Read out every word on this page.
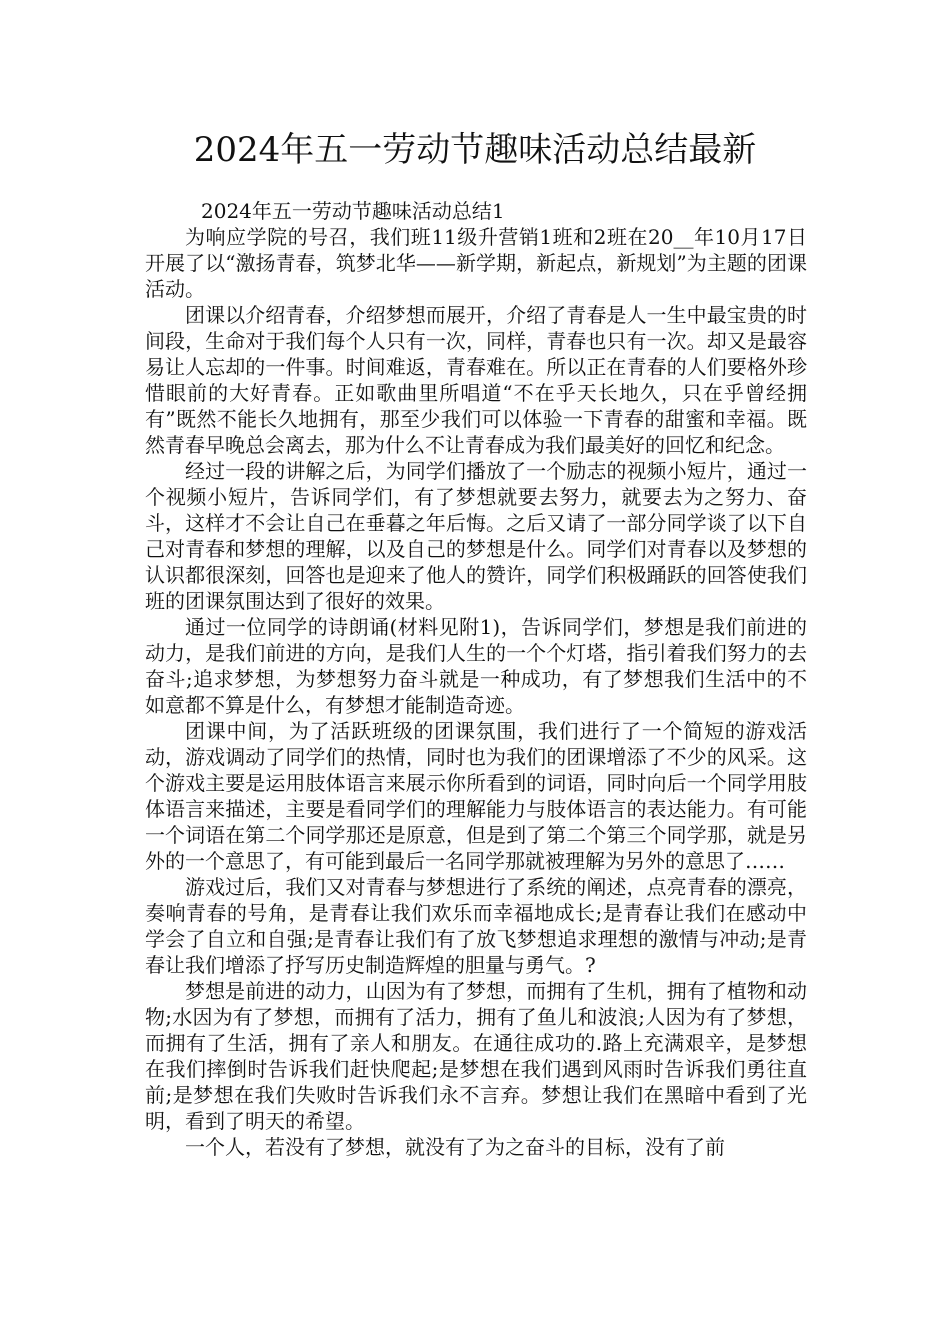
2024年五一劳动节趣味活动总结最新

2024年五一劳动节趣味活动总结1

为响应学院的号召，我们班11级升营销1班和2班在20__年10月17日开展了以“激扬青春，筑梦北华——新学期，新起点，新规划”为主题的团课活动。

团课以介绍青春，介绍梦想而展开，介绍了青春是人一生中最宝贵的时间段，生命对于我们每个人只有一次，同样，青春也只有一次。却又是最容易让人忘却的一件事。时间难返，青春难在。所以正在青春的人们要格外珍惜眼前的大好青春。正如歌曲里所唱道“不在乎天长地久，只在乎曾经拥有”既然不能长久地拥有，那至少我们可以体验一下青春的甜蜜和幸福。既然青春早晚总会离去，那为什么不让青春成为我们最美好的回忆和纪念。

经过一段的讲解之后，为同学们播放了一个励志的视频小短片，通过一个视频小短片，告诉同学们，有了梦想就要去努力，就要去为之努力、奋斗，这样才不会让自己在垂暮之年后悔。之后又请了一部分同学谈了以下自己对青春和梦想的理解，以及自己的梦想是什么。同学们对青春以及梦想的认识都很深刻，回答也是迎来了他人的赞许，同学们积极踊跃的回答使我们班的团课氛围达到了很好的效果。

通过一位同学的诗朗诵(材料见附1)，告诉同学们，梦想是我们前进的动力，是我们前进的方向，是我们人生的一个个灯塔，指引着我们努力的去奋斗;追求梦想，为梦想努力奋斗就是一种成功，有了梦想我们生活中的不如意都不算是什么，有梦想才能制造奇迹。

团课中间，为了活跃班级的团课氛围，我们进行了一个简短的游戏活动，游戏调动了同学们的热情，同时也为我们的团课增添了不少的风采。这个游戏主要是运用肢体语言来展示你所看到的词语，同时向后一个同学用肢体语言来描述，主要是看同学们的理解能力与肢体语言的表达能力。有可能一个词语在第二个同学那还是原意，但是到了第二个第三个同学那，就是另外的一个意思了，有可能到最后一名同学那就被理解为另外的意思了……

游戏过后，我们又对青春与梦想进行了系统的阐述，点亮青春的漂亮，奏响青春的号角，是青春让我们欢乐而幸福地成长;是青春让我们在感动中学会了自立和自强;是青春让我们有了放飞梦想追求理想的激情与冲动;是青春让我们增添了抒写历史制造辉煌的胆量与勇气。?

梦想是前进的动力，山因为有了梦想，而拥有了生机，拥有了植物和动物;水因为有了梦想，而拥有了活力，拥有了鱼儿和波浪;人因为有了梦想，而拥有了生活，拥有了亲人和朋友。在通往成功的.路上充满艰辛，是梦想在我们摔倒时告诉我们赶快爬起;是梦想在我们遇到风雨时告诉我们勇往直前;是梦想在我们失败时告诉我们永不言弃。梦想让我们在黑暗中看到了光明，看到了明天的希望。

一个人，若没有了梦想，就没有了为之奋斗的目标，没有了前
